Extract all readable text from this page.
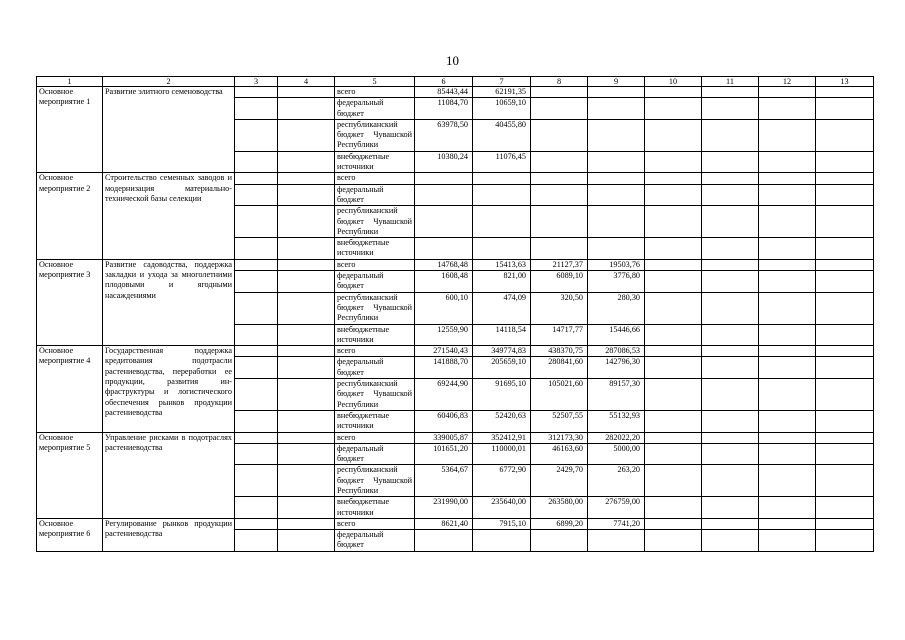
10
1	2	3	4	5	6	7	8	9	10	11	12	13
Основное мероприятие 1	Развитие элитного семеноводства			всего	85443,44	62191,35						
				федеральный бюджет	11084,70	10659,10						
				республиканский бюджет Чувашской Республики	63978,50	40455,80						
				внебюджетные источники	10380,24	11076,45						
Основное мероприятие 2	Строительство семенных заводов и модернизация материально-технической базы селекции			всего								
				федеральный бюджет								
				республиканский бюджет Чувашской Республики								
				внебюджетные источники								
Основное мероприятие 3	Развитие садоводства, поддержка закладки и ухода за многолетними плодовыми и ягодными насаждениями			всего	14768,48	15413,63	21127,37	19503,76				
				федеральный бюджет	1608,48	821,00	6089,10	3776,80				
				республиканский бюджет Чувашской Республики	600,10	474,09	320,50	280,30				
				внебюджетные источники	12559,90	14118,54	14717,77	15446,66				
Основное мероприятие 4	Государственная поддержка кредитования подотрасли растениеводства, переработки ее продукции, развития инфраструктуры и логистического обеспечения рынков продукции растениеводства			всего	271540,43	349774,83	438370,75	287086,53				
				федеральный бюджет	141888,70	205659,10	280841,60	142796,30				
				республиканский бюджет Чувашской Республики	69244,90	91695,10	105021,60	89157,30				
				внебюджетные источники	60406,83	52420,63	52507,55	55132,93				
Основное мероприятие 5	Управление рисками в подотраслях растениеводства			всего	339005,87	352412,91	312173,30	282022,20				
				федеральный бюджет	101651,20	110000,01	46163,60	5000,00				
				республиканский бюджет Чувашской Республики	5364,67	6772,90	2429,70	263,20				
				внебюджетные источники	231990,00	235640,00	263580,00	276759,00				
Основное мероприятие 6	Регулирование рынков продукции растениеводства			всего	8621,40	7915,10	6899,20	7741,20				
				федеральный бюджет								
